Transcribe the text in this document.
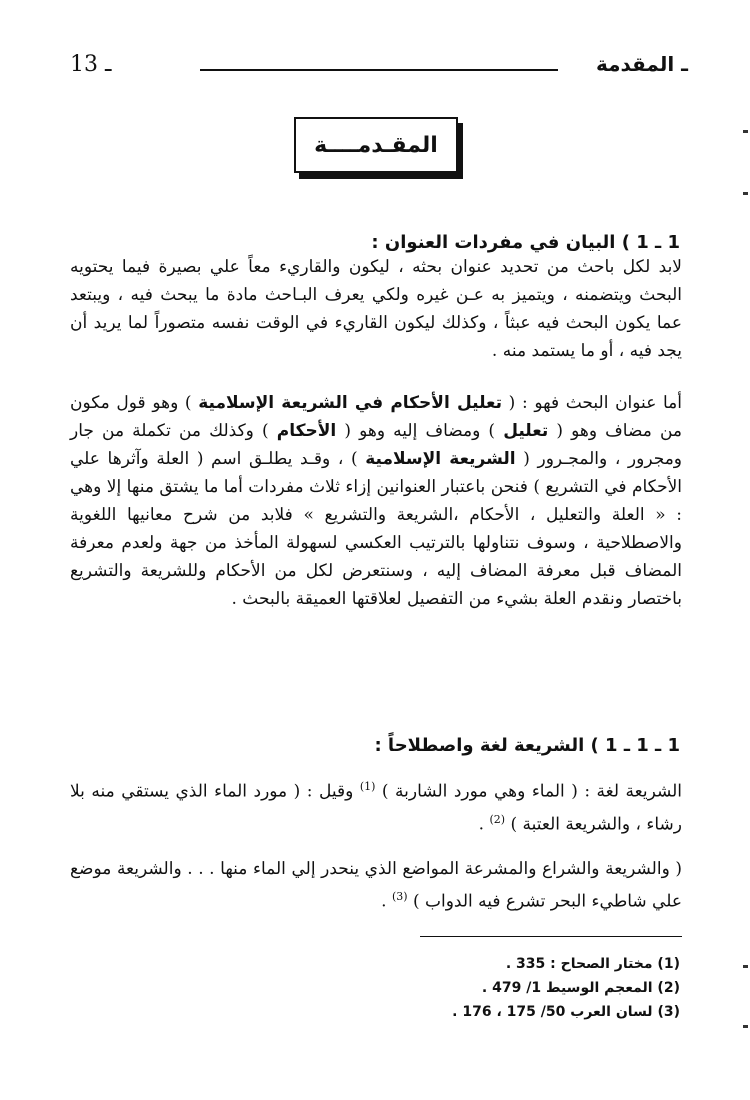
ـ المقدمة
13 ـ
المقـدمــــة
1 ـ 1 ) البيان في مفردات العنوان :

لابد لكل باحث من تحديد عنوان بحثه ، ليكون والقاريء معاً علي بصيرة فيما يحتويه البحث ويتضمنه ، ويتميز به عـن غيره ولكي يعرف البـاحث مادة ما يبحث فيه ، ويبتعد عما يكون البحث فيه عبثاً ، وكذلك ليكون القاريء في الوقت نفسه متصوراً لما يريد أن يجد فيه ، أو ما يستمد منه .

أما عنوان البحث فهو : ( تعليل الأحكام في الشريعة الإسلامية ) وهو قول مكون من مضاف وهو ( تعليل ) ومضاف إليه وهو ( الأحكام ) وكذلك من تكملة من جار ومجرور ، والمجـرور ( الشريعة الإسلامية ) ، وقـد يطلـق اسم ( العلة وآثرها علي الأحكام في التشريع ) فنحن باعتبار العنوانين إزاء ثلاث مفردات أما ما يشتق منها إلا وهي : « العلة والتعليل ، الأحكام ،الشريعة والتشريع » فلابد من شرح معانيها اللغوية والاصطلاحية ، وسوف نتناولها بالترتيب العكسي لسهولة المأخذ من جهة ولعدم معرفة المضاف قبل معرفة المضاف إليه ، وسنتعرض لكل من الأحكام وللشريعة والتشريع باختصار ونقدم العلة بشيء من التفصيل لعلاقتها العميقة بالبحث .

1 ـ 1 ـ 1 ) الشريعة لغة واصطلاحاً :

الشريعة لغة : ( الماء وهي مورد الشاربة ) $^{(1)}$ وقيل : ( مورد الماء الذي يستقي منه بلا رشاء ، والشريعة العتبة ) $^{(2)}$ .

( والشريعة والشراع والمشرعة المواضع الذي ينحدر إلي الماء منها . . . والشريعة موضع علي شاطيء البحر تشرع فيه الدواب ) $^{(3)}$ .

(1) مختار الصحاح : 335 .
(2) المعجم الوسيط 1/ 479 .
(3) لسان العرب 50/ 175 ، 176 .
